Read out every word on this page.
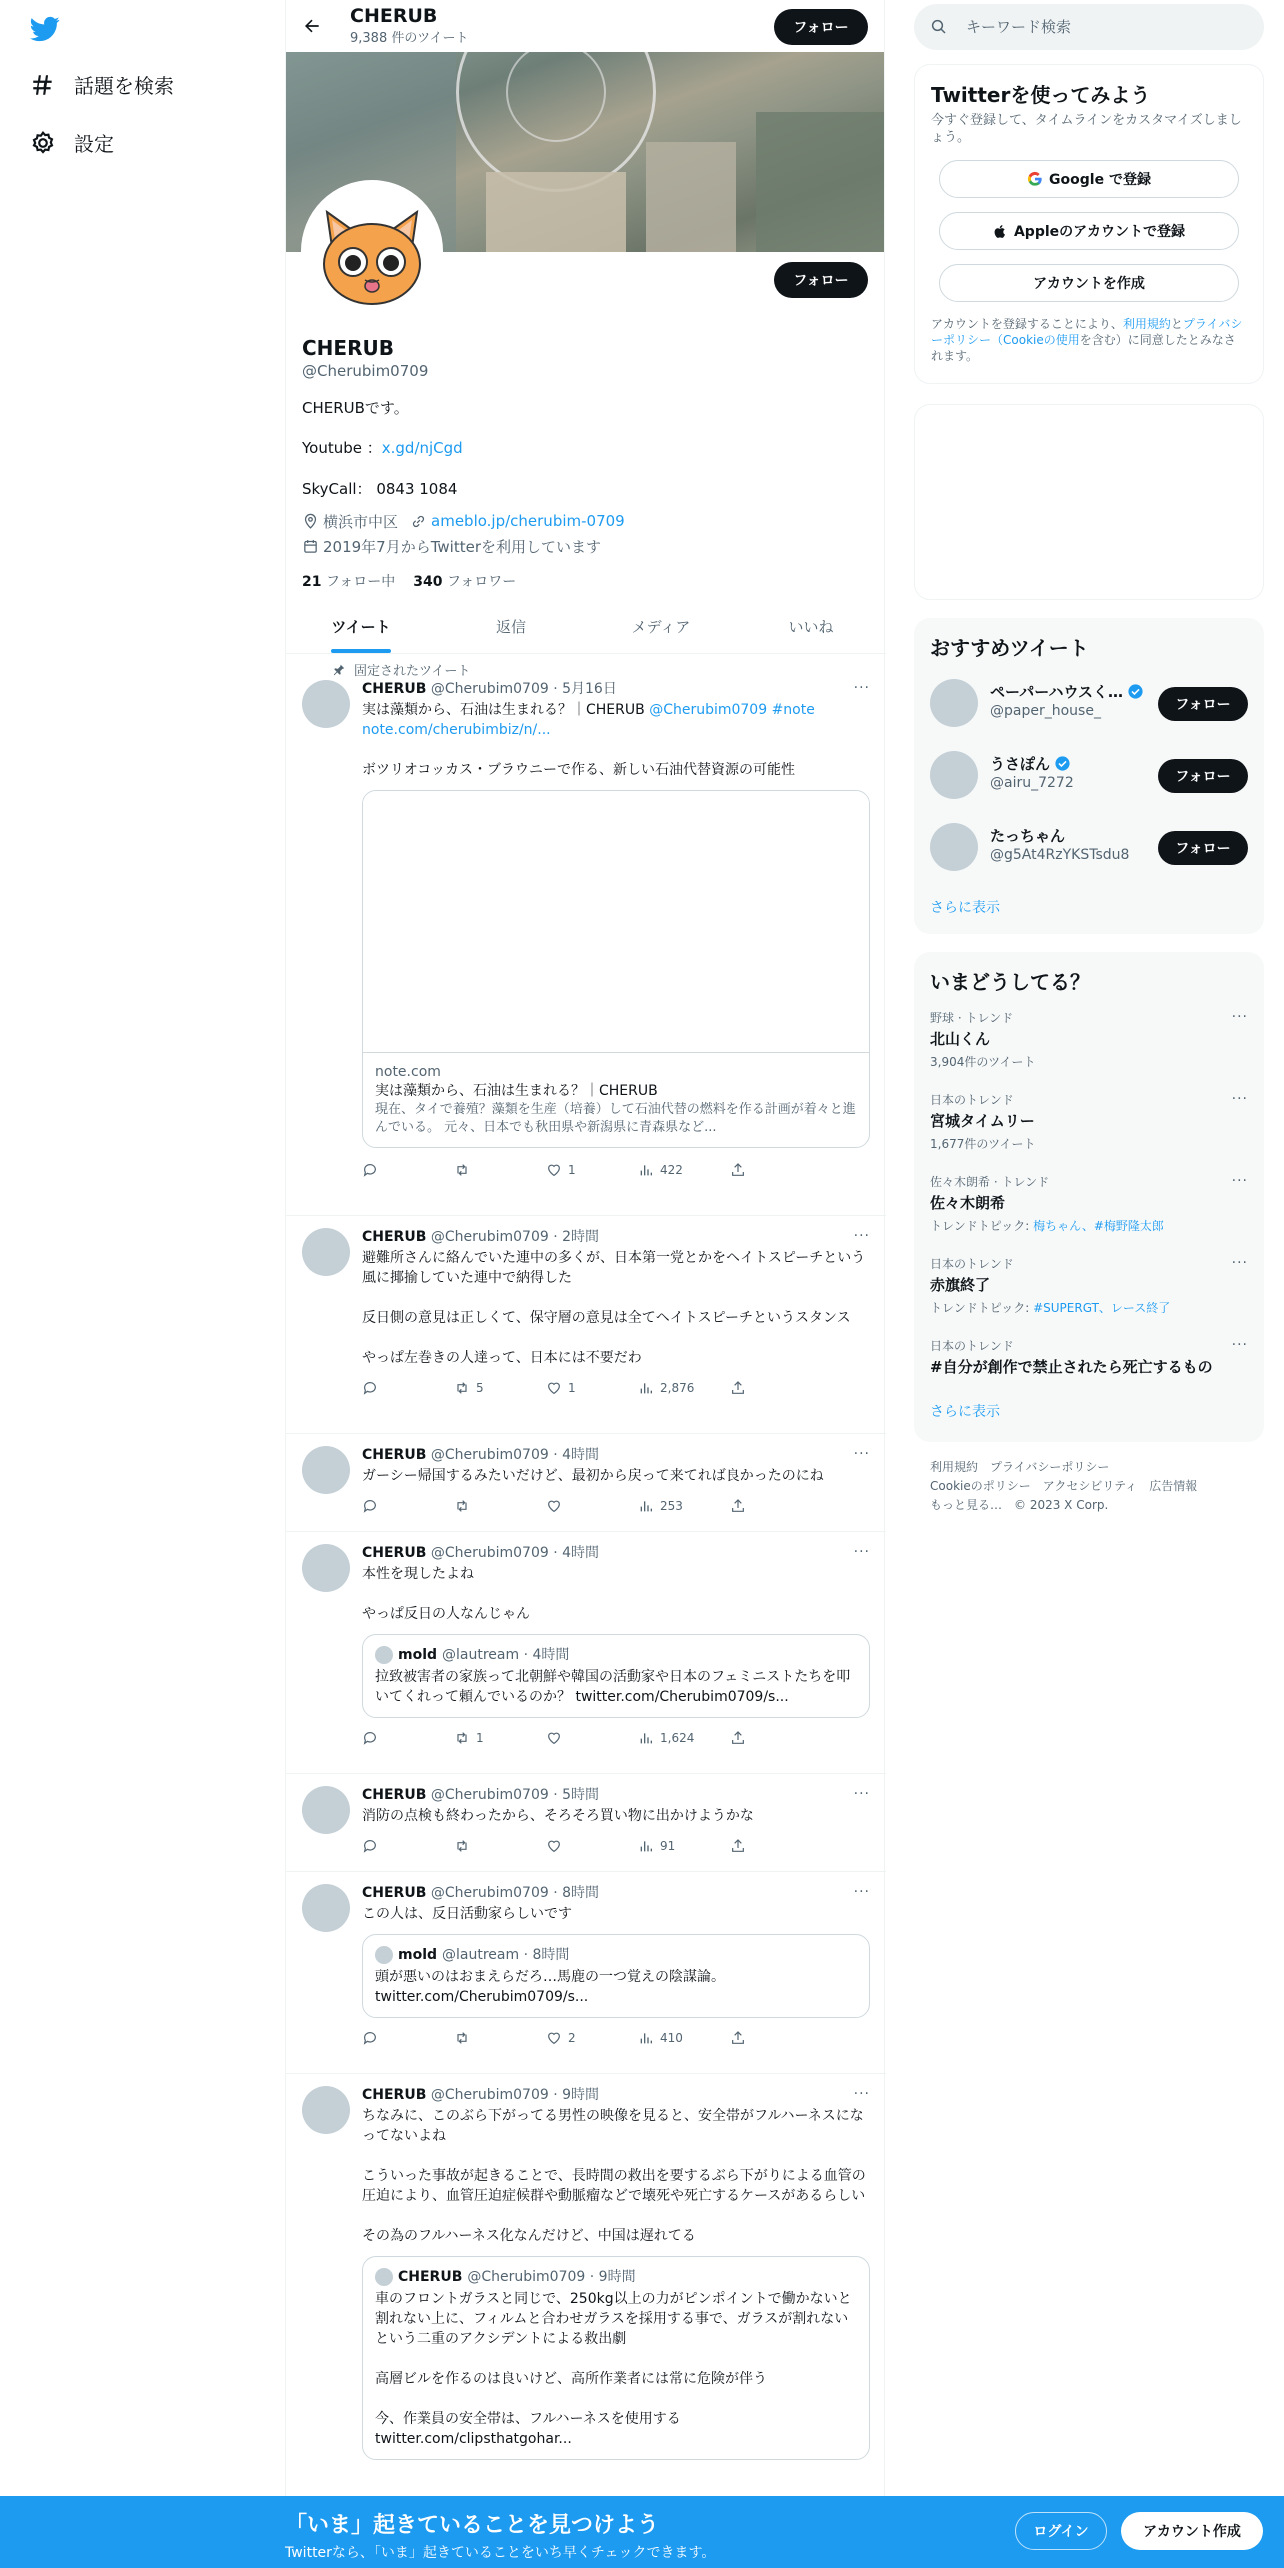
話題を検索
設定
CHERUB
9,388 件のツイート
フォロー
フォロー
CHERUB
@Cherubim0709

CHERUBです。

Youtube ：x.gd/njCgd

SkyCall： 0843 1084

横浜市中区 ameblo.jp/cherubim-0709
2019年7月からTwitterを利用しています
21 フォロー中 340 フォロワー
ツイート	返信	メディア	いいね
固定されたツイート
CHERUB @Cherubim0709 · 5月16日	···
実は藻類から、石油は生まれる？｜CHERUB @Cherubim0709 #note
note.com/cherubimbiz/n/...

ボツリオコッカス・ブラウニーで作る、新しい石油代替資源の可能性
note.com
実は藻類から、石油は生まれる？｜CHERUB
現在、タイで養殖？藻類を生産（培養）して石油代替の燃料を作る計画が着々と進んでいる。 元々、日本でも秋田県や新潟県に青森県など...
1	422
CHERUB @Cherubim0709 · 2時間	···
避難所さんに絡んでいた連中の多くが、日本第一党とかをヘイトスピーチという風に揶揄していた連中で納得した

反日側の意見は正しくて、保守層の意見は全てヘイトスピーチというスタンス

やっぱ左巻きの人達って、日本には不要だわ
5	1	2,876
CHERUB @Cherubim0709 · 4時間	···
ガーシー帰国するみたいだけど、最初から戻って来てれば良かったのにね
253
CHERUB @Cherubim0709 · 4時間	···
本性を現したよね

やっぱ反日の人なんじゃん
mold @lautream · 4時間
拉致被害者の家族って北朝鮮や韓国の活動家や日本のフェミニストたちを叩いてくれって頼んでいるのか？ twitter.com/Cherubim0709/s...
1	1,624
CHERUB @Cherubim0709 · 5時間	···
消防の点検も終わったから、そろそろ買い物に出かけようかな
91
CHERUB @Cherubim0709 · 8時間	···
この人は、反日活動家らしいです
mold @lautream · 8時間
頭が悪いのはおまえらだろ…馬鹿の一つ覚えの陰謀論。
twitter.com/Cherubim0709/s...
2	410
CHERUB @Cherubim0709 · 9時間	···
ちなみに、このぶら下がってる男性の映像を見ると、安全帯がフルハーネスになってないよね

こういった事故が起きることで、長時間の救出を要するぶら下がりによる血管の圧迫により、血管圧迫症候群や動脈瘤などで壊死や死亡するケースがあるらしい

その為のフルハーネス化なんだけど、中国は遅れてる
CHERUB @Cherubim0709 · 9時間
車のフロントガラスと同じで、250kg以上の力がピンポイントで働かないと割れない上に、フィルムと合わせガラスを採用する事で、ガラスが割れないという二重のアクシデントによる救出劇

高層ビルを作るのは良いけど、高所作業者には常に危険が伴う

今、作業員の安全帯は、フルハーネスを使用する
twitter.com/clipsthatgohar...
キーワード検索
Twitterを使ってみよう
今すぐ登録して、タイムラインをカスタマイズしましょう。
Google で登録
Appleのアカウントで登録
アカウントを作成
アカウントを登録することにより、利用規約とプライバシーポリシー（Cookieの使用を含む）に同意したとみなされます。
おすすめツイート
ペーパーハウスく…
@paper_house_	フォロー
うさぽん
@airu_7272	フォロー
たっちゃん
@g5At4RzYKSTsdu8	フォロー
さらに表示
いまどうしてる？
野球 · トレンド
北山くん
3,904件のツイート
···
日本のトレンド
宮城タイムリー
1,677件のツイート
···
佐々木朗希 · トレンド
佐々木朗希
トレンドトピック: 梅ちゃん、#梅野隆太郎
···
日本のトレンド
赤旗終了
トレンドトピック: #SUPERGT、レース終了
···
日本のトレンド
#自分が創作で禁止されたら死亡するもの
···
さらに表示
利用規約 プライバシーポリシー
Cookieのポリシー アクセシビリティ 広告情報
もっと見る… © 2023 X Corp.
「いま」起きていることを見つけよう
Twitterなら、「いま」起きていることをいち早くチェックできます。
ログイン	アカウント作成
